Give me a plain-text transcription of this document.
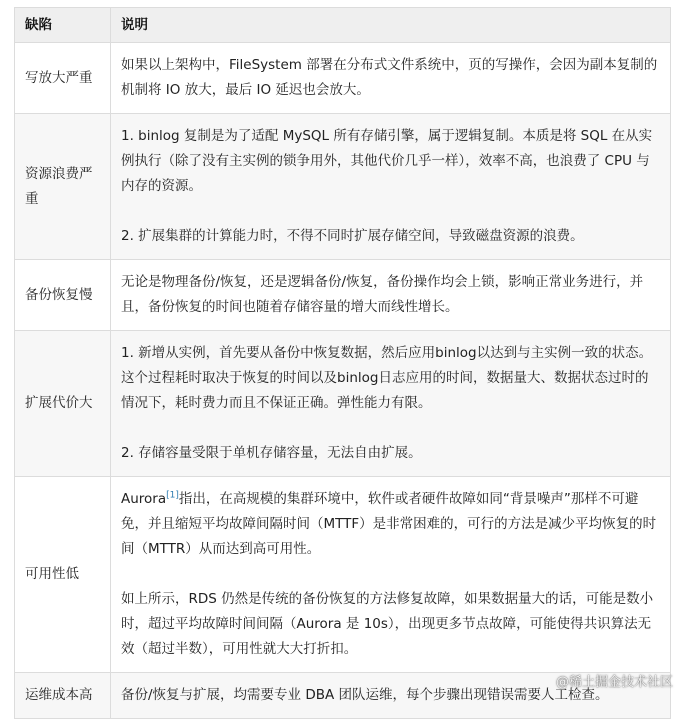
缺陷	说明
写放大严重	如果以上架构中，FileSystem 部署在分布式文件系统中，页的写操作，会因为副本复制的机制将 IO 放大，最后 IO 延迟也会放大。

资源浪费严重	1. binlog 复制是为了适配 MySQL 所有存储引擎，属于逻辑复制。本质是将 SQL 在从实例执行（除了没有主实例的锁争用外，其他代价几乎一样），效率不高，也浪费了 CPU 与内存的资源。

2. 扩展集群的计算能力时，不得不同时扩展存储空间，导致磁盘资源的浪费。

备份恢复慢	无论是物理备份/恢复，还是逻辑备份/恢复，备份操作均会上锁，影响正常业务进行，并且，备份恢复的时间也随着存储容量的增大而线性增长。

扩展代价大	1. 新增从实例，首先要从备份中恢复数据，然后应用binlog以达到与主实例一致的状态。这个过程耗时取决于恢复的时间以及binlog日志应用的时间，数据量大、数据状态过时的情况下，耗时费力而且不保证正确。弹性能力有限。

2. 存储容量受限于单机存储容量，无法自由扩展。

可用性低	Aurora[1]指出，在高规模的集群环境中，软件或者硬件故障如同“背景噪声”那样不可避免，并且缩短平均故障间隔时间（MTTF）是非常困难的，可行的方法是减少平均恢复的时间（MTTR）从而达到高可用性。

如上所示，RDS 仍然是传统的备份恢复的方法修复故障，如果数据量大的话，可能是数小时，超过平均故障时间间隔（Aurora 是 10s），出现更多节点故障，可能使得共识算法无效（超过半数），可用性就大大打折扣。

运维成本高	备份/恢复与扩展，均需要专业 DBA 团队运维，每个步骤出现错误需要人工检查。

@稀土掘金技术社区
